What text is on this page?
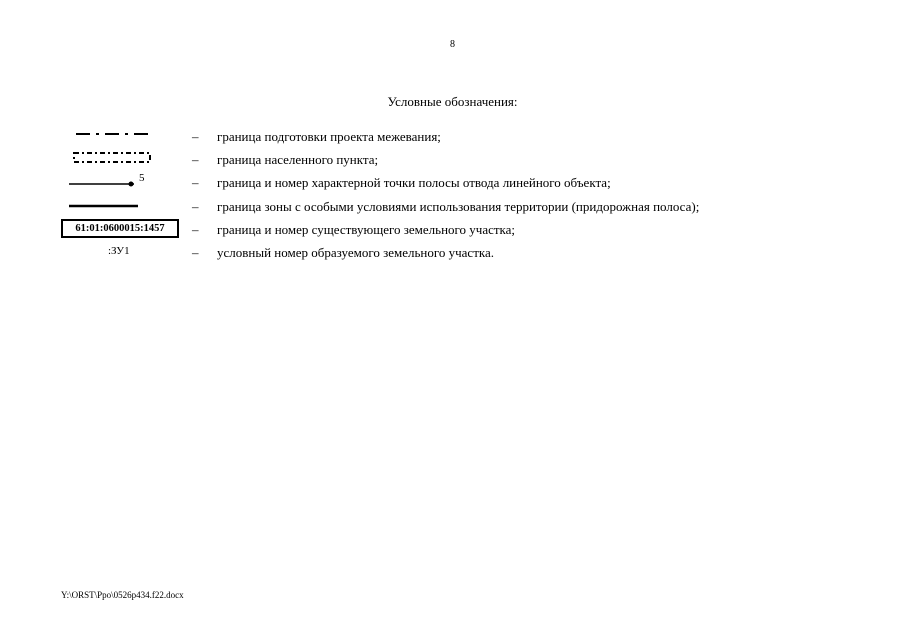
8
Условные обозначения:
– граница подготовки проекта межевания;
– граница населенного пункта;
5	– граница и номер характерной точки полосы отвода линейного объекта;
– граница зоны с особыми условиями использования территории (придорожная полоса);
61:01:0600015:1457	– граница и номер существующего земельного участка;
:ЗУ1	– условный номер образуемого земельного участка.
Y:\ORST\Ppo\0526p434.f22.docx
